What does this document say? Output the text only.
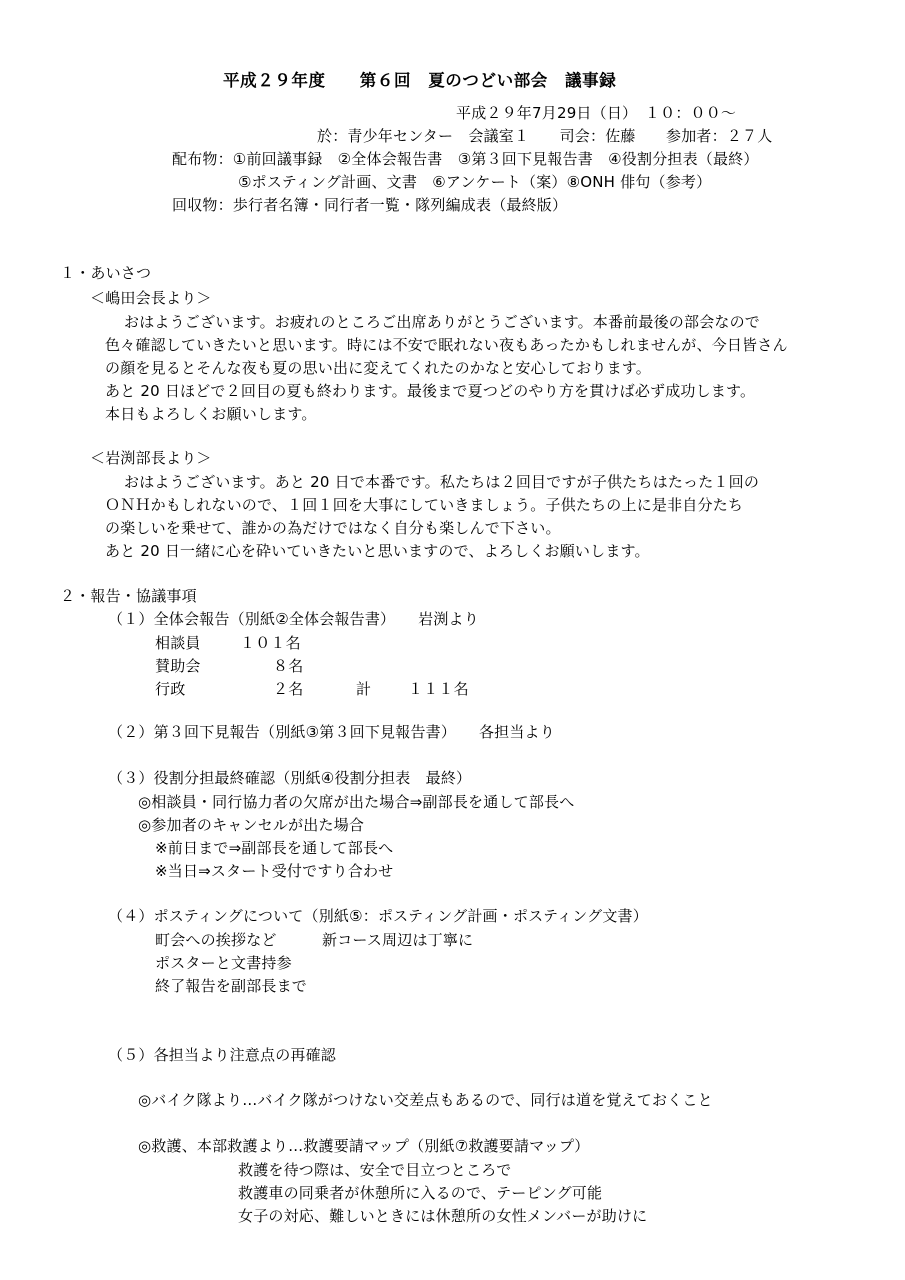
平成２９年度　　第６回　夏のつどい部会　議事録
平成２９年7月29日（日）　１０：００～
於：青少年センター　会議室１　　司会：佐藤　　参加者：２７人
配布物：①前回議事録　②全体会報告書　③第３回下見報告書　④役割分担表（最終）
⑤ポスティング計画、文書　⑥アンケート（案）⑧ONH 俳句（参考）
回収物：歩行者名簿・同行者一覧・隊列編成表（最終版）
１・あいさつ
＜嶋田会長より＞
おはようございます。お疲れのところご出席ありがとうございます。本番前最後の部会なので
色々確認していきたいと思います。時には不安で眠れない夜もあったかもしれませんが、今日皆さん
の顔を見るとそんな夜も夏の思い出に変えてくれたのかなと安心しております。
あと 20 日ほどで２回目の夏も終わります。最後まで夏つどのやり方を貫けば必ず成功します。
本日もよろしくお願いします。
＜岩渕部長より＞
おはようございます。あと 20 日で本番です。私たちは２回目ですが子供たちはたった１回の
ＯＮＨかもしれないので、１回１回を大事にしていきましょう。子供たちの上に是非自分たち
の楽しいを乗せて、誰かの為だけではなく自分も楽しんで下さい。
あと 20 日一緒に心を砕いていきたいと思いますので、よろしくお願いします。
２・報告・協議事項
（１）全体会報告（別紙②全体会報告書）　　岩渕より
相談員	１０１名
賛助会	８名
行政	２名	計 １１１名
（２）第３回下見報告（別紙③第３回下見報告書）　　各担当より
（３）役割分担最終確認（別紙④役割分担表　最終）
◎相談員・同行協力者の欠席が出た場合⇒副部長を通して部長へ
◎参加者のキャンセルが出た場合
※前日まで⇒副部長を通して部長へ
※当日⇒スタート受付ですり合わせ
（４）ポスティングについて（別紙⑤：ポスティング計画・ポスティング文書）
町会への挨拶など	新コース周辺は丁寧に
ポスターと文書持参
終了報告を副部長まで
（５）各担当より注意点の再確認
◎バイク隊より…バイク隊がつけない交差点もあるので、同行は道を覚えておくこと
◎救護、本部救護より…救護要請マップ（別紙⑦救護要請マップ）
救護を待つ際は、安全で目立つところで
救護車の同乗者が休憩所に入るので、テーピング可能
女子の対応、難しいときには休憩所の女性メンバーが助けに
